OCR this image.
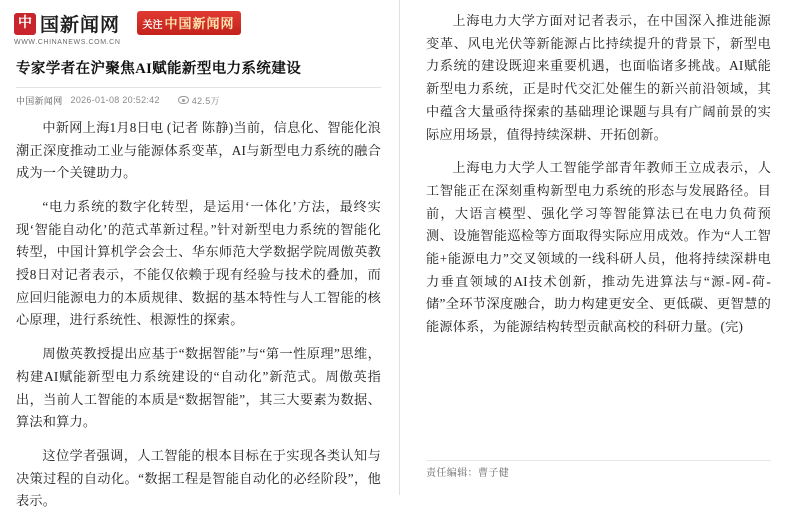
中 国新闻网
WWW.CHINANEWS.COM.CN
关注 中国新闻网
专家学者在沪聚焦AI赋能新型电力系统建设
中国新闻网 2026-01-08 20:52:42	42.5万

中新网上海1月8日电 (记者 陈静)当前，信息化、智能化浪潮正深度推动工业与能源体系变革，AI与新型电力系统的融合成为一个关键助力。

“电力系统的数字化转型，是运用‘一体化’方法，最终实现‘智能自动化’的范式革新过程。”针对新型电力系统的智能化转型，中国计算机学会会士、华东师范大学数据学院周傲英教授8日对记者表示，不能仅依赖于现有经验与技术的叠加，而应回归能源电力的本质规律、数据的基本特性与人工智能的核心原理，进行系统性、根源性的探索。

周傲英教授提出应基于“数据智能”与“第一性原理”思维，构建AI赋能新型电力系统建设的“自动化”新范式。周傲英指出，当前人工智能的本质是“数据智能”，其三大要素为数据、算法和算力。

这位学者强调，人工智能的根本目标在于实现各类认知与决策过程的自动化。“数据工程是智能自动化的必经阶段”，他表示。

上海电力大学方面对记者表示，在中国深入推进能源变革、风电光伏等新能源占比持续提升的背景下，新型电力系统的建设既迎来重要机遇，也面临诸多挑战。AI赋能新型电力系统，正是时代交汇处催生的新兴前沿领域，其中蕴含大量亟待探索的基础理论课题与具有广阔前景的实际应用场景，值得持续深耕、开拓创新。

上海电力大学人工智能学部青年教师王立成表示，人工智能正在深刻重构新型电力系统的形态与发展路径。目前，大语言模型、强化学习等智能算法已在电力负荷预测、设施智能巡检等方面取得实际应用成效。作为“人工智能+能源电力”交叉领域的一线科研人员，他将持续深耕电力垂直领域的AI技术创新，推动先进算法与“源-网-荷-储”全环节深度融合，助力构建更安全、更低碳、更智慧的能源体系，为能源结构转型贡献高校的科研力量。(完)

责任编辑：曹子健
